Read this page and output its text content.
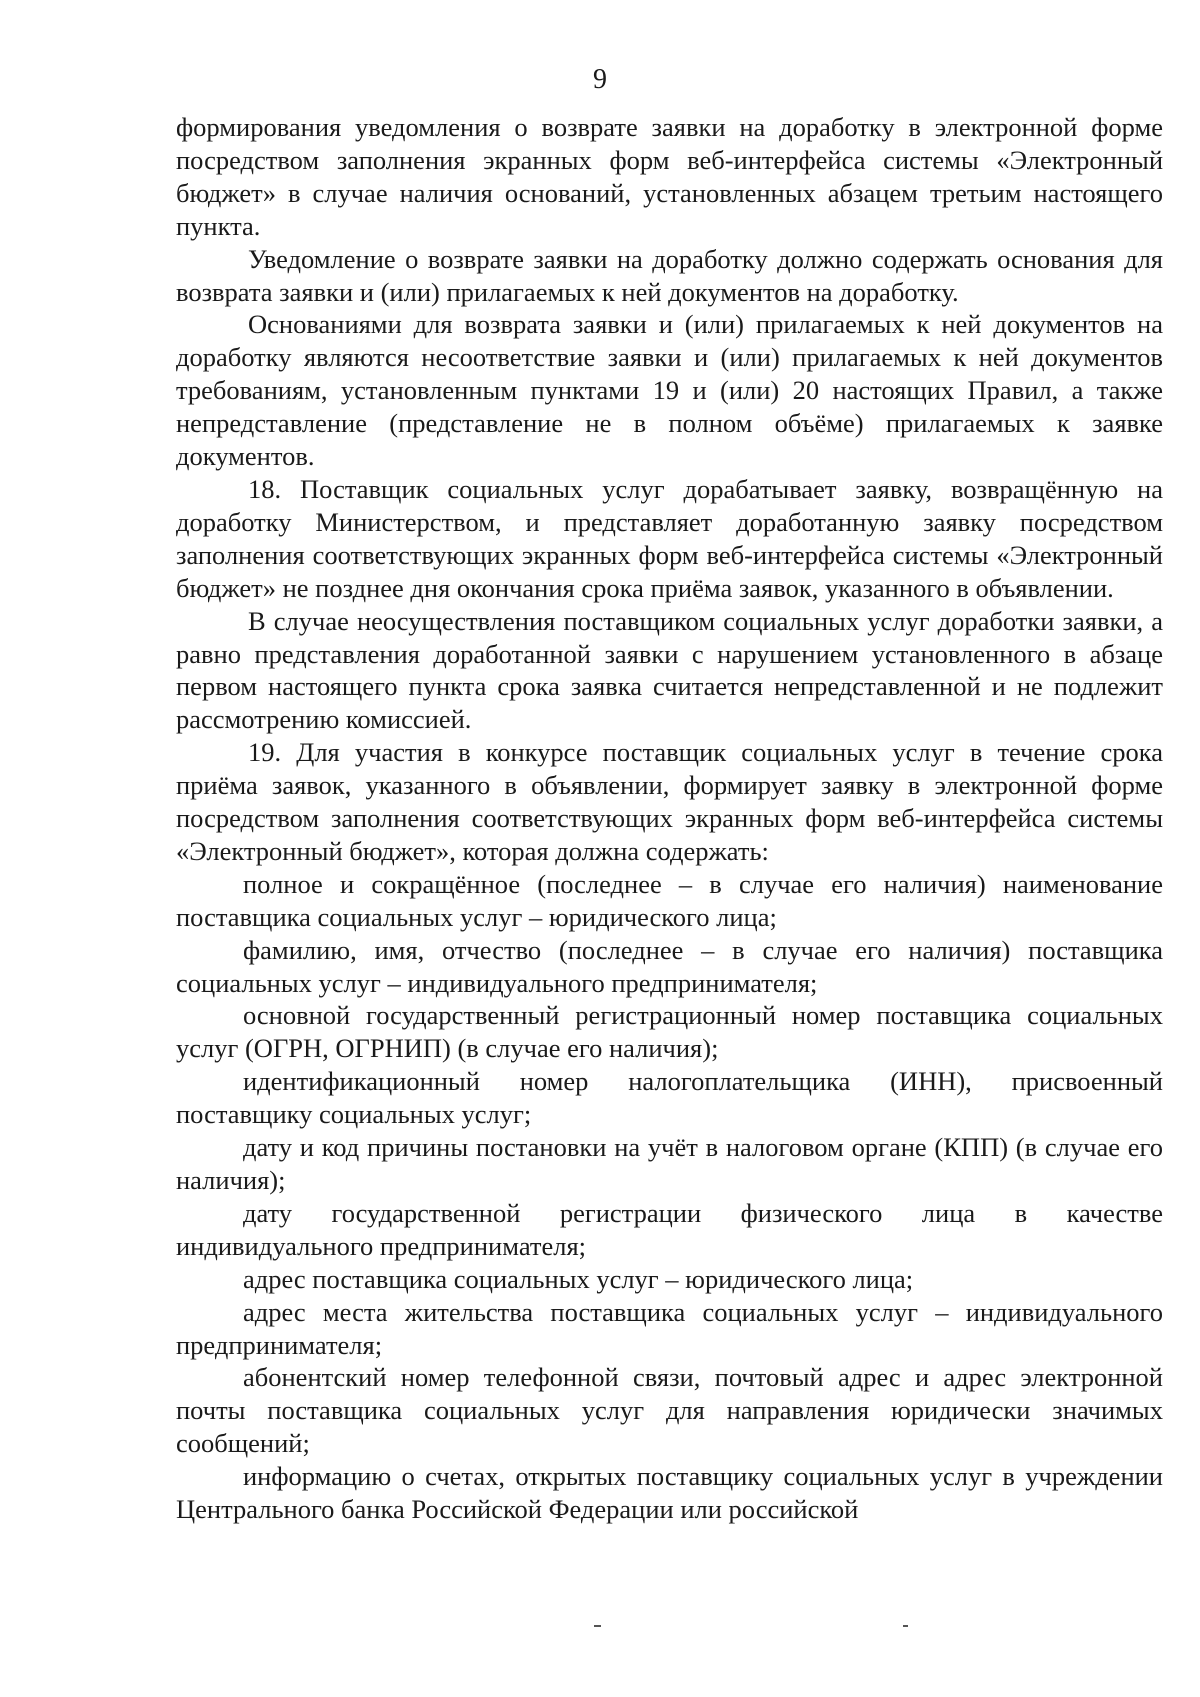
9

формирования уведомления о возврате заявки на доработку в электронной форме посредством заполнения экранных форм веб-интерфейса системы «Электронный бюджет» в случае наличия оснований, установленных абзацем третьим настоящего пункта.

Уведомление о возврате заявки на доработку должно содержать основания для возврата заявки и (или) прилагаемых к ней документов на доработку.

Основаниями для возврата заявки и (или) прилагаемых к ней документов на доработку являются несоответствие заявки и (или) прилагаемых к ней документов требованиям, установленным пунктами 19 и (или) 20 настоящих Правил, а также непредставление (представление не в полном объёме) прилагаемых к заявке документов.

18. Поставщик социальных услуг дорабатывает заявку, возвращённую на доработку Министерством, и представляет доработанную заявку посредством заполнения соответствующих экранных форм веб-интерфейса системы «Электронный бюджет» не позднее дня окончания срока приёма заявок, указанного в объявлении.

В случае неосуществления поставщиком социальных услуг доработки заявки, а равно представления доработанной заявки с нарушением установленного в абзаце первом настоящего пункта срока заявка считается непредставленной и не подлежит рассмотрению комиссией.

19. Для участия в конкурсе поставщик социальных услуг в течение срока приёма заявок, указанного в объявлении, формирует заявку в электронной форме посредством заполнения соответствующих экранных форм веб-интерфейса системы «Электронный бюджет», которая должна содержать:

полное и сокращённое (последнее – в случае его наличия) наименование поставщика социальных услуг – юридического лица;

фамилию, имя, отчество (последнее – в случае его наличия) поставщика социальных услуг – индивидуального предпринимателя;

основной государственный регистрационный номер поставщика социальных услуг (ОГРН, ОГРНИП) (в случае его наличия);

идентификационный номер налогоплательщика (ИНН), присвоенный поставщику социальных услуг;

дату и код причины постановки на учёт в налоговом органе (КПП) (в случае его наличия);

дату государственной регистрации физического лица в качестве индивидуального предпринимателя;

адрес поставщика социальных услуг – юридического лица;

адрес места жительства поставщика социальных услуг – индивидуального предпринимателя;

абонентский номер телефонной связи, почтовый адрес и адрес электронной почты поставщика социальных услуг для направления юридически значимых сообщений;

информацию о счетах, открытых поставщику социальных услуг в учреждении Центрального банка Российской Федерации или российской
